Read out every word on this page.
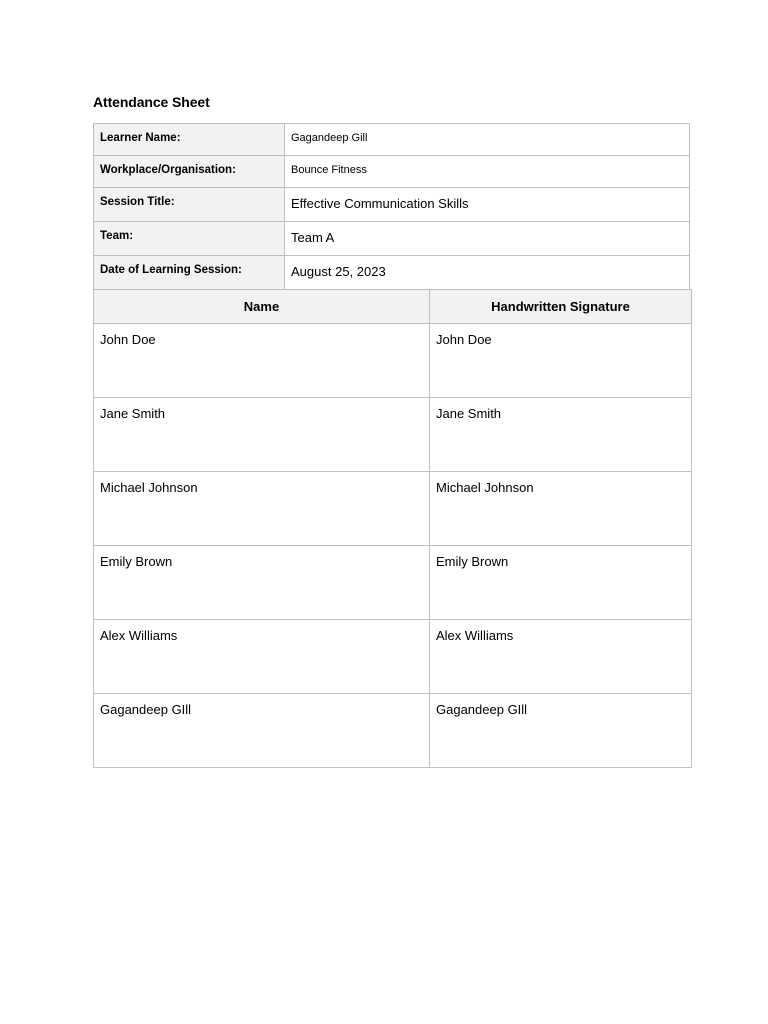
Attendance Sheet
Learner Name:	Gagandeep Gill
Workplace/Organisation:	Bounce Fitness
Session Title:	Effective Communication Skills
Team:	Team A
Date of Learning Session:	August 25, 2023
Name	Handwritten Signature
John Doe	John Doe
Jane Smith	Jane Smith
Michael Johnson	Michael Johnson
Emily Brown	Emily Brown
Alex Williams	Alex Williams
Gagandeep GIll	Gagandeep GIll
